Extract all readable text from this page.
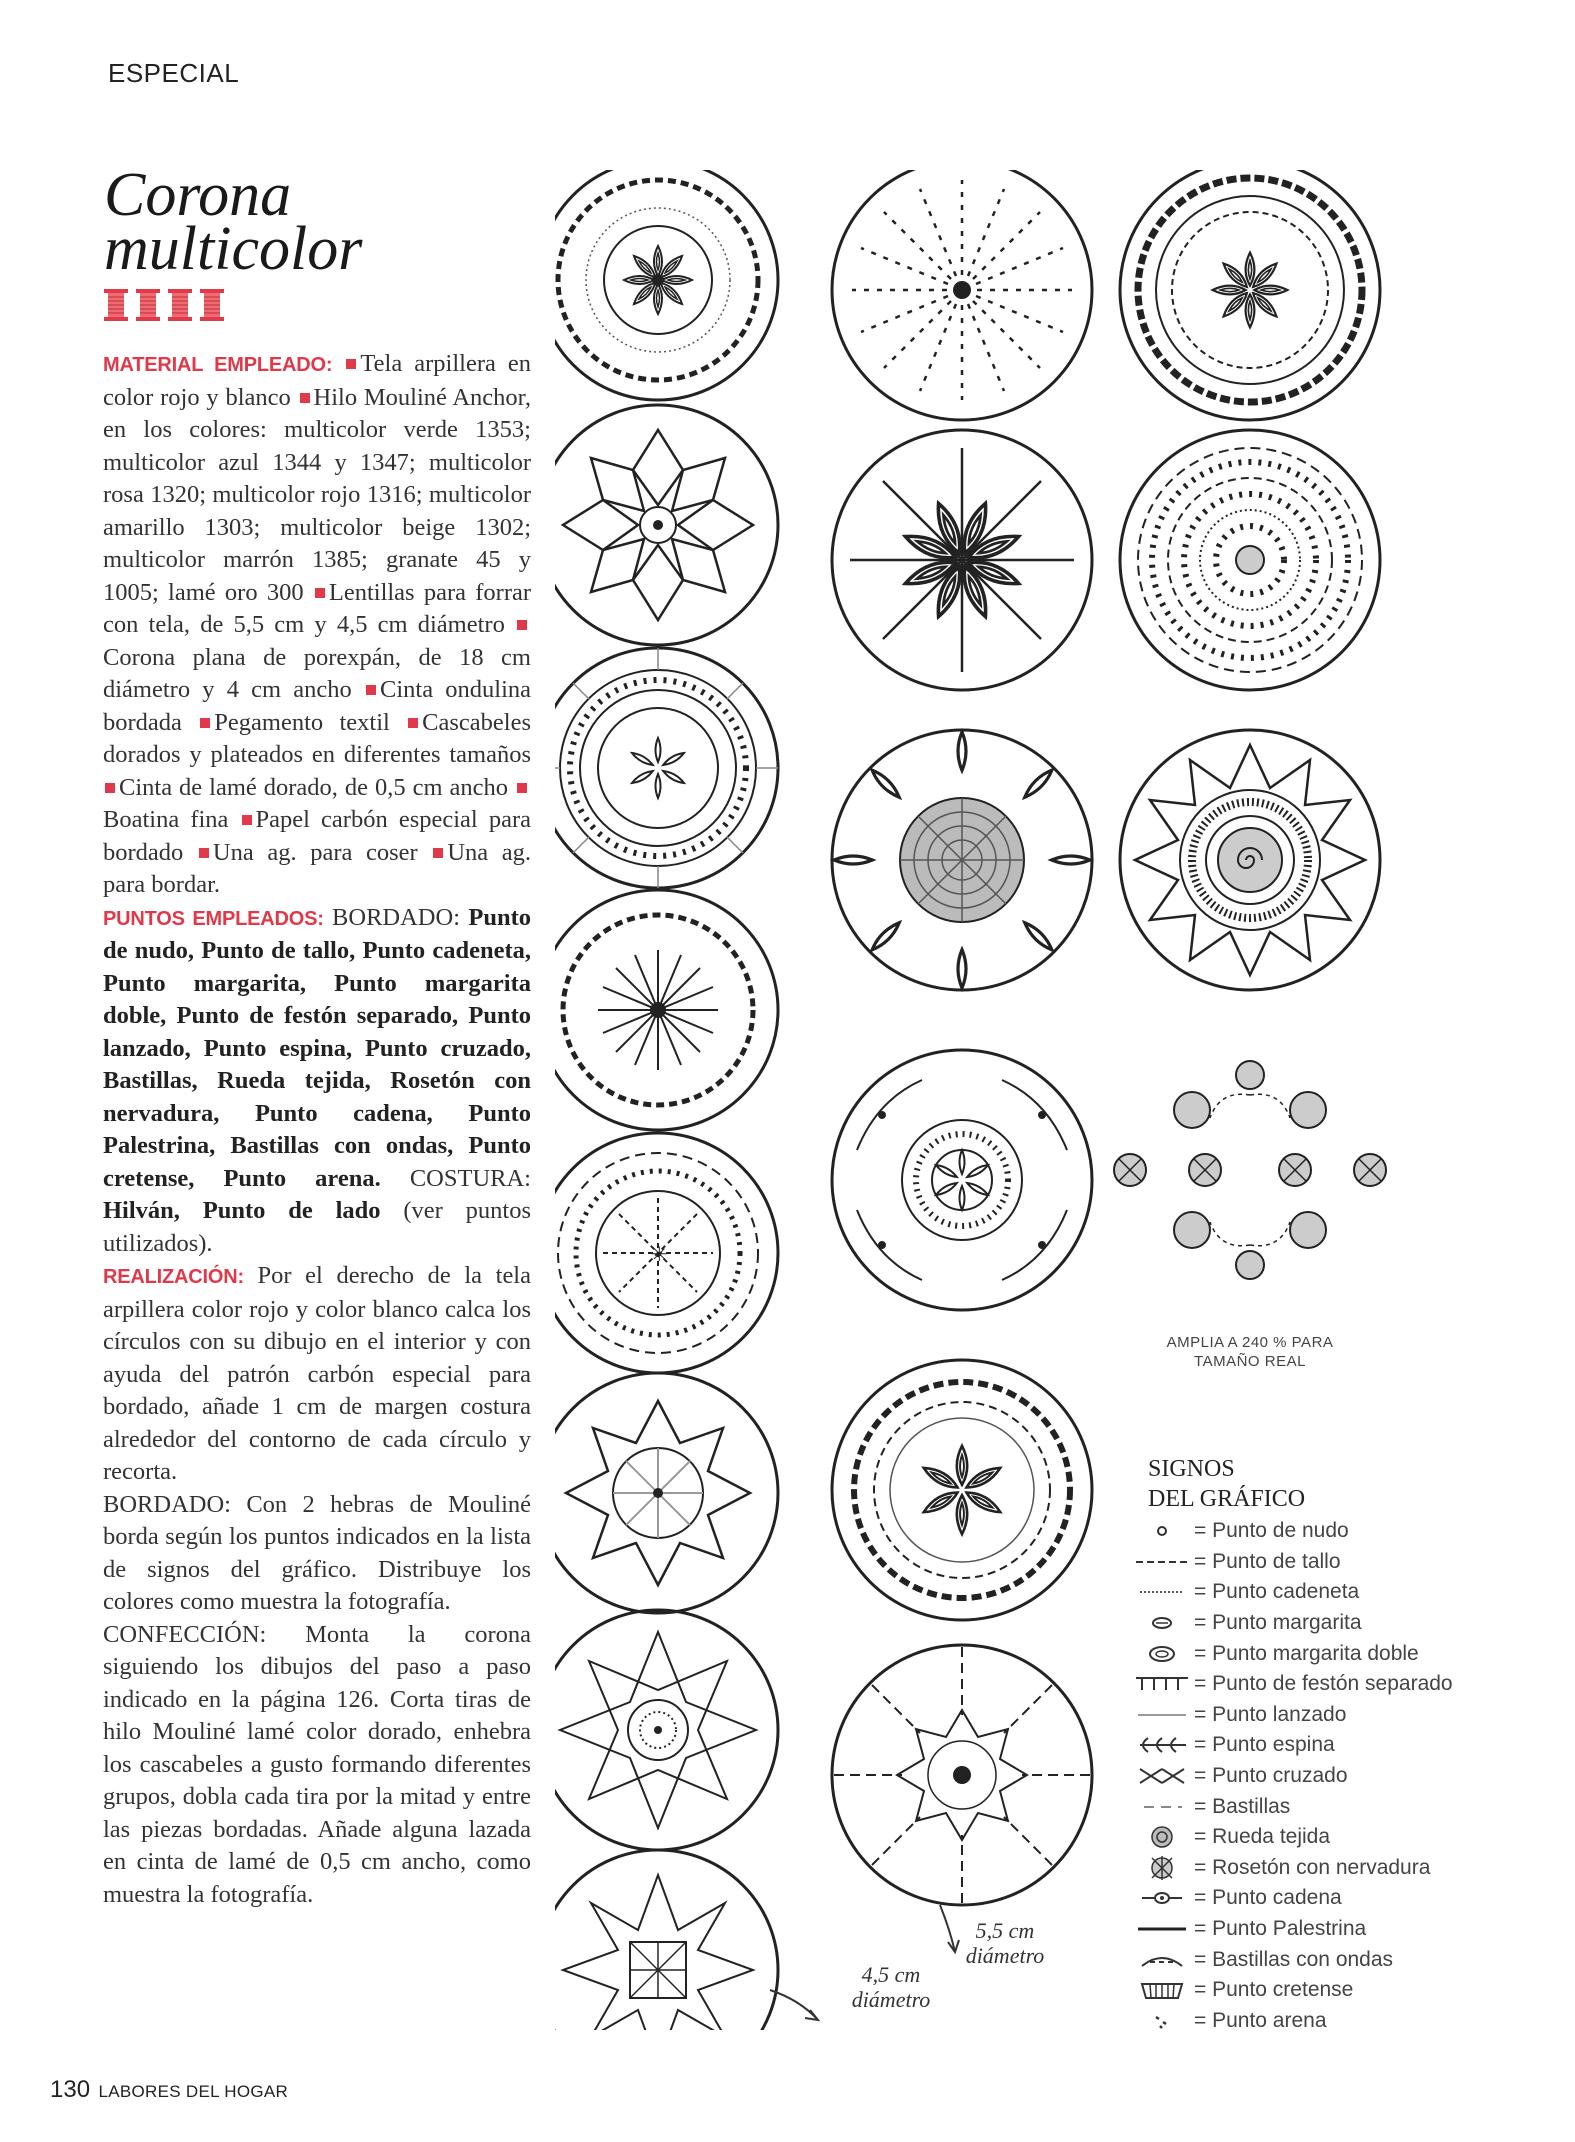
ESPECIAL
Corona
multicolor

MATERIAL EMPLEADO: Tela arpillera en color rojo y blanco Hilo Mouliné Anchor, en los colores: multicolor verde 1353; multicolor azul 1344 y 1347; multicolor rosa 1320; multicolor rojo 1316; multicolor amarillo 1303; multicolor beige 1302; multicolor marrón 1385; granate 45 y 1005; lamé oro 300 Lentillas para forrar con tela, de 5,5 cm y 4,5 cm diámetro Corona plana de porexpán, de 18 cm diámetro y 4 cm ancho Cinta ondulina bordada Pegamento textil Cascabeles dorados y plateados en diferentes tamaños Cinta de lamé dorado, de 0,5 cm ancho Boatina fina Papel carbón especial para bordado Una ag. para coser Una ag. para bordar.

PUNTOS EMPLEADOS: BORDADO: Punto de nudo, Punto de tallo, Punto cadeneta, Punto margarita, Punto margarita doble, Punto de festón separado, Punto lanzado, Punto espina, Punto cruzado, Bastillas, Rueda tejida, Rosetón con nervadura, Punto cadena, Punto Palestrina, Bastillas con ondas, Punto cretense, Punto arena. COSTURA: Hilván, Punto de lado (ver puntos utilizados).

REALIZACIÓN: Por el derecho de la tela arpillera color rojo y color blanco calca los círculos con su dibujo en el interior y con ayuda del patrón carbón especial para bordado, añade 1 cm de margen costura alrededor del contorno de cada círculo y recorta.

BORDADO: Con 2 hebras de Mouliné borda según los puntos indicados en la lista de signos del gráfico. Distribuye los colores como muestra la fotografía.

CONFECCIÓN: Monta la corona siguiendo los dibujos del paso a paso indicado en la página 126. Corta tiras de hilo Mouliné lamé color dorado, enhebra los cascabeles a gusto formando diferentes grupos, dobla cada tira por la mitad y entre las piezas bordadas. Añade alguna lazada en cinta de lamé de 0,5 cm ancho, como muestra la fotografía.

✳
AMPLIA A 240 % PARA
TAMAÑO REAL
SIGNOS
DEL GRÁFICO
= Punto de nudo
= Punto de tallo
= Punto cadeneta
= Punto margarita
= Punto margarita doble
= Punto de festón separado
= Punto lanzado
= Punto espina
= Punto cruzado
= Bastillas
= Rueda tejida
= Rosetón con nervadura
= Punto cadena
= Punto Palestrina
= Bastillas con ondas
= Punto cretense
= Punto arena
4,5 cm
diámetro
5,5 cm
diámetro
130 LABORES DEL HOGAR
